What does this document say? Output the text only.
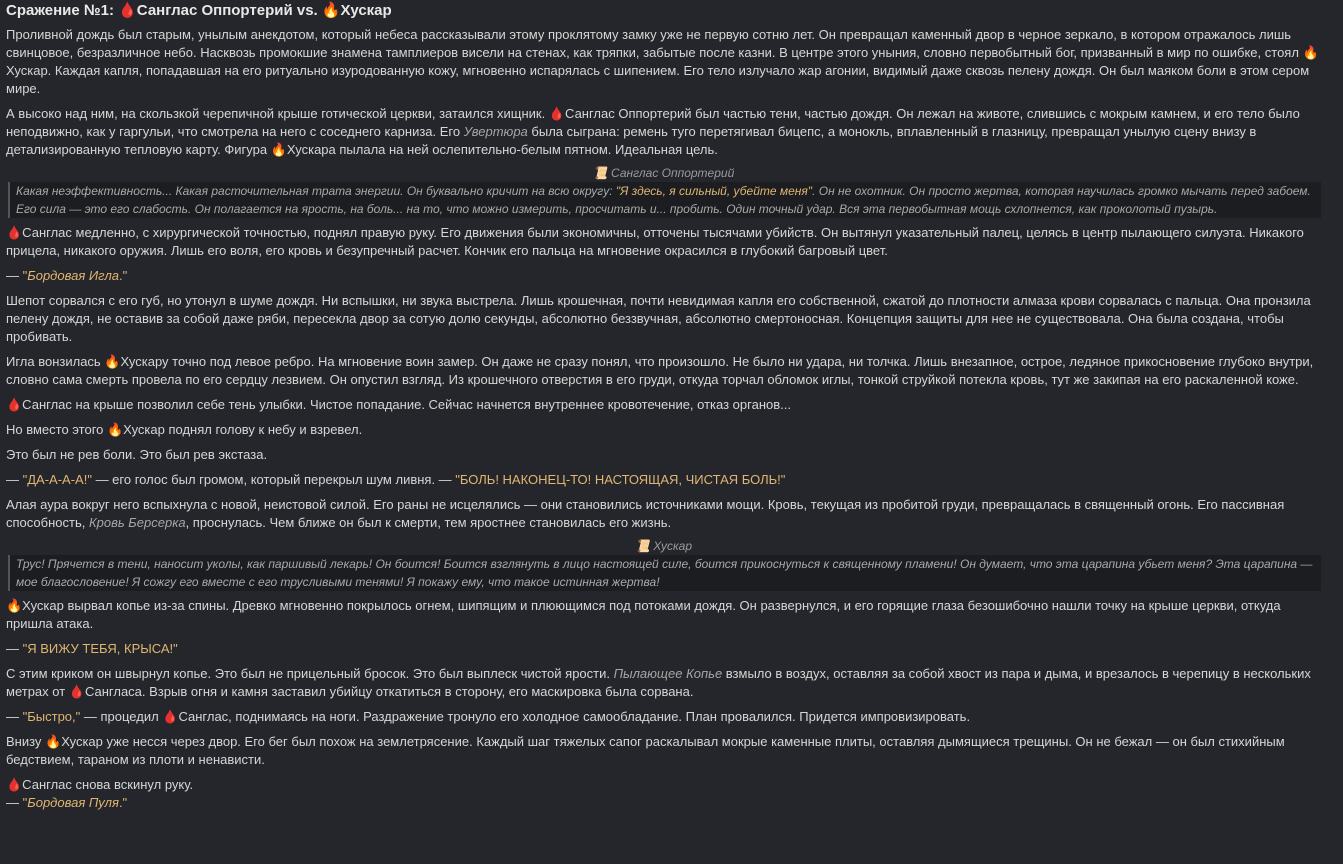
Сражение №1: 🩸Санглас Оппортерий vs. 🔥Хускар

Проливной дождь был старым, унылым анекдотом, который небеса рассказывали этому проклятому замку уже не первую сотню лет. Он превращал каменный двор в черное зеркало, в котором отражалось лишь свинцовое, безразличное небо. Насквозь промокшие знамена тамплиеров висели на стенах, как тряпки, забытые после казни. В центре этого уныния, словно первобытный бог, призванный в мир по ошибке, стоял 🔥Хускар. Каждая капля, попадавшая на его ритуально изуродованную кожу, мгновенно испарялась с шипением. Его тело излучало жар агонии, видимый даже сквозь пелену дождя. Он был маяком боли в этом сером мире.

А высоко над ним, на скользкой черепичной крыше готической церкви, затаился хищник. 🩸Санглас Оппортерий был частью тени, частью дождя. Он лежал на животе, слившись с мокрым камнем, и его тело было неподвижно, как у гаргульи, что смотрела на него с соседнего карниза. Его Увертюра была сыграна: ремень туго перетягивал бицепс, а монокль, вплавленный в глазницу, превращал унылую сцену внизу в детализированную тепловую карту. Фигура 🔥Хускара пылала на ней ослепительно-белым пятном. Идеальная цель.

📜 Санглас Оппортерий
Какая неэффективность... Какая расточительная трата энергии. Он буквально кричит на всю округу: "Я здесь, я сильный, убейте меня". Он не охотник. Он просто жертва, которая научилась громко мычать перед забоем. Его сила — это его слабость. Он полагается на ярость, на боль... на то, что можно измерить, просчитать и... пробить. Один точный удар. Вся эта первобытная мощь схлопнется, как проколотый пузырь.

🩸Санглас медленно, с хирургической точностью, поднял правую руку. Его движения были экономичны, отточены тысячами убийств. Он вытянул указательный палец, целясь в центр пылающего силуэта. Никакого прицела, никакого оружия. Лишь его воля, его кровь и безупречный расчет. Кончик его пальца на мгновение окрасился в глубокий багровый цвет.

— "Бордовая Игла."

Шепот сорвался с его губ, но утонул в шуме дождя. Ни вспышки, ни звука выстрела. Лишь крошечная, почти невидимая капля его собственной, сжатой до плотности алмаза крови сорвалась с пальца. Она пронзила пелену дождя, не оставив за собой даже ряби, пересекла двор за сотую долю секунды, абсолютно беззвучная, абсолютно смертоносная. Концепция защиты для нее не существовала. Она была создана, чтобы пробивать.

Игла вонзилась 🔥Хускару точно под левое ребро. На мгновение воин замер. Он даже не сразу понял, что произошло. Не было ни удара, ни толчка. Лишь внезапное, острое, ледяное прикосновение глубоко внутри, словно сама смерть провела по его сердцу лезвием. Он опустил взгляд. Из крошечного отверстия в его груди, откуда торчал обломок иглы, тонкой струйкой потекла кровь, тут же закипая на его раскаленной коже.

🩸Санглас на крыше позволил себе тень улыбки. Чистое попадание. Сейчас начнется внутреннее кровотечение, отказ органов...

Но вместо этого 🔥Хускар поднял голову к небу и взревел.

Это был не рев боли. Это был рев экстаза.

— "ДА-А-А-А!" — его голос был громом, который перекрыл шум ливня. — "БОЛЬ! НАКОНЕЦ-ТО! НАСТОЯЩАЯ, ЧИСТАЯ БОЛЬ!"

Алая аура вокруг него вспыхнула с новой, неистовой силой. Его раны не исцелялись — они становились источниками мощи. Кровь, текущая из пробитой груди, превращалась в священный огонь. Его пассивная способность, Кровь Берсерка, проснулась. Чем ближе он был к смерти, тем яростнее становилась его жизнь.

📜 Хускар
Трус! Прячется в тени, наносит уколы, как паршивый лекарь! Он боится! Боится взглянуть в лицо настоящей силе, боится прикоснуться к священному пламени! Он думает, что эта царапина убьет меня? Эта царапина — мое благословение! Я сожгу его вместе с его трусливыми тенями! Я покажу ему, что такое истинная жертва!

🔥Хускар вырвал копье из-за спины. Древко мгновенно покрылось огнем, шипящим и плюющимся под потоками дождя. Он развернулся, и его горящие глаза безошибочно нашли точку на крыше церкви, откуда пришла атака.

— "Я ВИЖУ ТЕБЯ, КРЫСА!"

С этим криком он швырнул копье. Это был не прицельный бросок. Это был выплеск чистой ярости. Пылающее Копье взмыло в воздух, оставляя за собой хвост из пара и дыма, и врезалось в черепицу в нескольких метрах от 🩸Сангласа. Взрыв огня и камня заставил убийцу откатиться в сторону, его маскировка была сорвана.

— "Быстро," — процедил 🩸Санглас, поднимаясь на ноги. Раздражение тронуло его холодное самообладание. План провалился. Придется импровизировать.

Внизу 🔥Хускар уже несся через двор. Его бег был похож на землетрясение. Каждый шаг тяжелых сапог раскалывал мокрые каменные плиты, оставляя дымящиеся трещины. Он не бежал — он был стихийным бедствием, тараном из плоти и ненависти.

🩸Санглас снова вскинул руку.
— "Бордовая Пуля."
